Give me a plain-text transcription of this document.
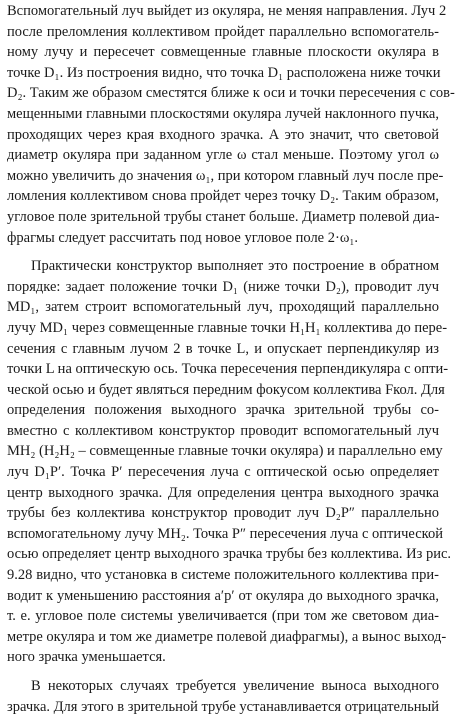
Вспомогательный луч выйдет из окуляра, не меняя направления. Луч 2
после преломления коллективом пройдет параллельно вспомогатель-
ному лучу и пересечет совмещенные главные плоскости окуляра в
точке D₁. Из построения видно, что точка D₁ расположена ниже точки
D₂. Таким же образом сместятся ближе к оси и точки пересечения с сов-
мещенными главными плоскостями окуляра лучей наклонного пучка,
проходящих через края входного зрачка. А это значит, что световой
диаметр окуляра при заданном угле ω стал меньше. Поэтому угол ω
можно увеличить до значения ω₁, при котором главный луч после пре-
ломления коллективом снова пройдет через точку D₂. Таким образом,
угловое поле зрительной трубы станет больше. Диаметр полевой диа-
фрагмы следует рассчитать под новое угловое поле 2·ω₁.

Практически конструктор выполняет это построение в обратном
порядке: задает положение точки D₁ (ниже точки D₂), проводит луч
MD₁, затем строит вспомогательный луч, проходящий параллельно
лучу MD₁ через совмещенные главные точки H₁H₁ коллектива до пере-
сечения с главным лучом 2 в точке L, и опускает перпендикуляр из
точки L на оптическую ось. Точка пересечения перпендикуляра с опти-
ческой осью и будет являться передним фокусом коллектива Fкол. Для
определения положения выходного зрачка зрительной трубы со-
вместно с коллективом конструктор проводит вспомогательный луч
MH₂ (H₂H₂ – совмещенные главные точки окуляра) и параллельно ему
луч D₁P′. Точка P′ пересечения луча с оптической осью определяет
центр выходного зрачка. Для определения центра выходного зрачка
трубы без коллектива конструктор проводит луч D₂P″ параллельно
вспомогательному лучу MH₂. Точка P″ пересечения луча с оптической
осью определяет центр выходного зрачка трубы без коллектива. Из рис.
9.28 видно, что установка в системе положительного коллектива при-
водит к уменьшению расстояния a′p′ от окуляра до выходного зрачка,
т. е. угловое поле системы увеличивается (при том же световом диа-
метре окуляра и том же диаметре полевой диафрагмы), а вынос выход-
ного зрачка уменьшается.

В некоторых случаях требуется увеличение выноса выходного
зрачка. Для этого в зрительной трубе устанавливается отрицательный
